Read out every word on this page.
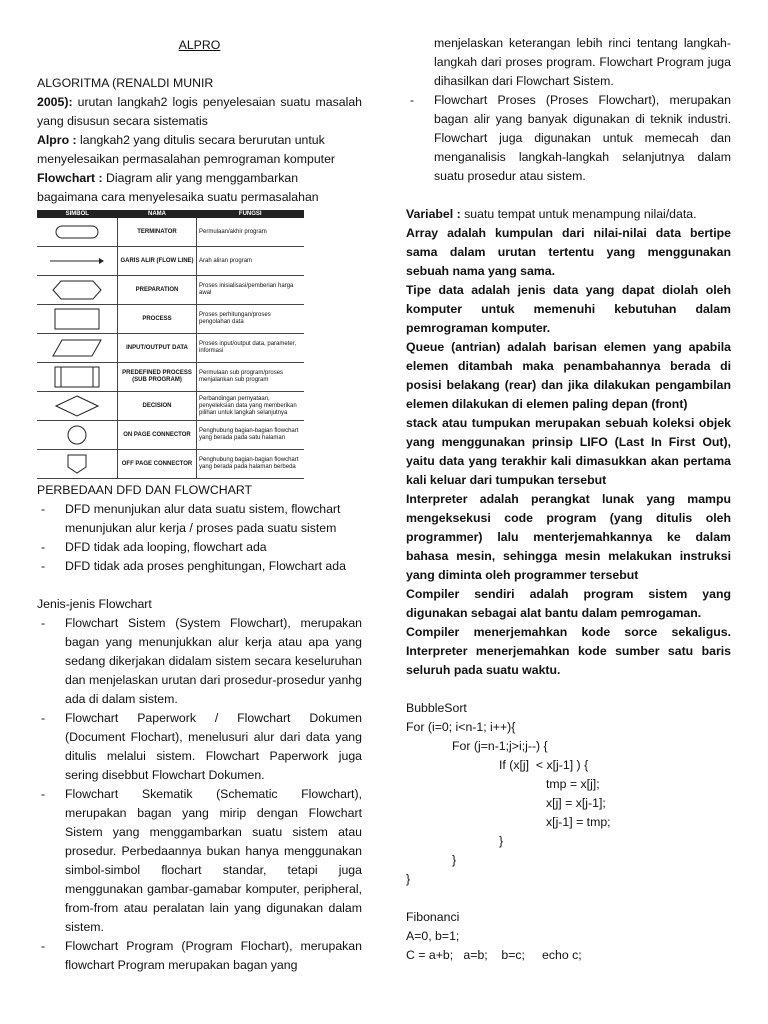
ALPRO

ALGORITMA (RENALDI MUNIR

2005): urutan langkah2 logis penyelesaian suatu masalah yang disusun secara sistematis

Alpro : langkah2 yang ditulis secara berurutan untuk menyelesaikan permasalahan pemrograman komputer

Flowchart : Diagram alir yang menggambarkan bagaimana cara menyelesaika suatu permasalahan

SIMBOL	NAMA	FUNGSI

	TERMINATOR	Permulaan/akhir program

	GARIS ALIR (FLOW LINE)	Arah aliran program

	PREPARATION	Proses inisialisasi/pemberian harga awal

	PROCESS	Proses perhitungan/proses pengolahan data

	INPUT/OUTPUT DATA	Proses input/output data, parameter, informasi

	PREDEFINED PROCESS (SUB PROGRAM)	Permulaan sub program/proses menjalankan sub program

	DECISION	Perbandingan pernyataan, penyeleksian data yang memberikan pilihan untuk langkah selanjutnya

	ON PAGE CONNECTOR	Penghubung bagian-bagian flowchart yang berada pada satu halaman

	OFF PAGE CONNECTOR	Penghubung bagian-bagian flowchart yang berada pada halaman berbeda

PERBEDAAN DFD DAN FLOWCHART

- DFD menunjukan alur data suatu sistem, flowchart menunjukan alur kerja / proses pada suatu sistem

- DFD tidak ada looping, flowchart ada

- DFD tidak ada proses penghitungan, Flowchart ada

Jenis-jenis Flowchart

- Flowchart Sistem (System Flowchart), merupakan bagan yang menunjukkan alur kerja atau apa yang sedang dikerjakan didalam sistem secara keseluruhan dan menjelaskan urutan dari prosedur-prosedur yanhg ada di dalam sistem.

- Flowchart Paperwork / Flowchart Dokumen (Document Flochart), menelusuri alur dari data yang ditulis melalui sistem. Flowchart Paperwork juga sering disebbut Flowchart Dokumen.

- Flowchart Skematik (Schematic Flowchart), merupakan bagan yang mirip dengan Flowchart Sistem yang menggambarkan suatu sistem atau prosedur. Perbedaannya bukan hanya menggunakan simbol-simbol flochart standar, tetapi juga menggunakan gambar-gamabar komputer, peripheral, from-from atau peralatan lain yang digunakan dalam sistem.

- Flowchart Program (Program Flochart), merupakan flowchart Program merupakan bagan yang

menjelaskan keterangan lebih rinci tentang langkah-langkah dari proses program. Flowchart Program juga dihasilkan dari Flowchart Sistem.

- Flowchart Proses (Proses Flowchart), merupakan bagan alir yang banyak digunakan di teknik industri. Flowchart juga digunakan untuk memecah dan menganalisis langkah-langkah selanjutnya dalam suatu prosedur atau sistem.

Variabel : suatu tempat untuk menampung nilai/data.

Array adalah kumpulan dari nilai-nilai data bertipe sama dalam urutan tertentu yang menggunakan sebuah nama yang sama.

Tipe data adalah jenis data yang dapat diolah oleh komputer untuk memenuhi kebutuhan dalam pemrograman komputer.

Queue (antrian) adalah barisan elemen yang apabila elemen ditambah maka penambahannya berada di posisi belakang (rear) dan jika dilakukan pengambilan elemen dilakukan di elemen paling depan (front)

stack atau tumpukan merupakan sebuah koleksi objek yang menggunakan prinsip LIFO (Last In First Out), yaitu data yang terakhir kali dimasukkan akan pertama kali keluar dari tumpukan tersebut

Interpreter adalah perangkat lunak yang mampu mengeksekusi code program (yang ditulis oleh programmer) lalu menterjemahkannya ke dalam bahasa mesin, sehingga mesin melakukan instruksi yang diminta oleh programmer tersebut

Compiler sendiri adalah program sistem yang digunakan sebagai alat bantu dalam pemrogaman.

Compiler menerjemahkan kode sorce sekaligus. Interpreter menerjemahkan kode sumber satu baris seluruh pada suatu waktu.

BubbleSort

For (i=0; i<n-1; i++){
For (j=n-1;j>i;j--) {
If (x[j]  < x[j-1] ) {
tmp = x[j];
x[j] = x[j-1];
x[j-1] = tmp;
}
}
}

Fibonanci

A=0, b=1;

C = a+b;   a=b;    b=c;     echo c;
